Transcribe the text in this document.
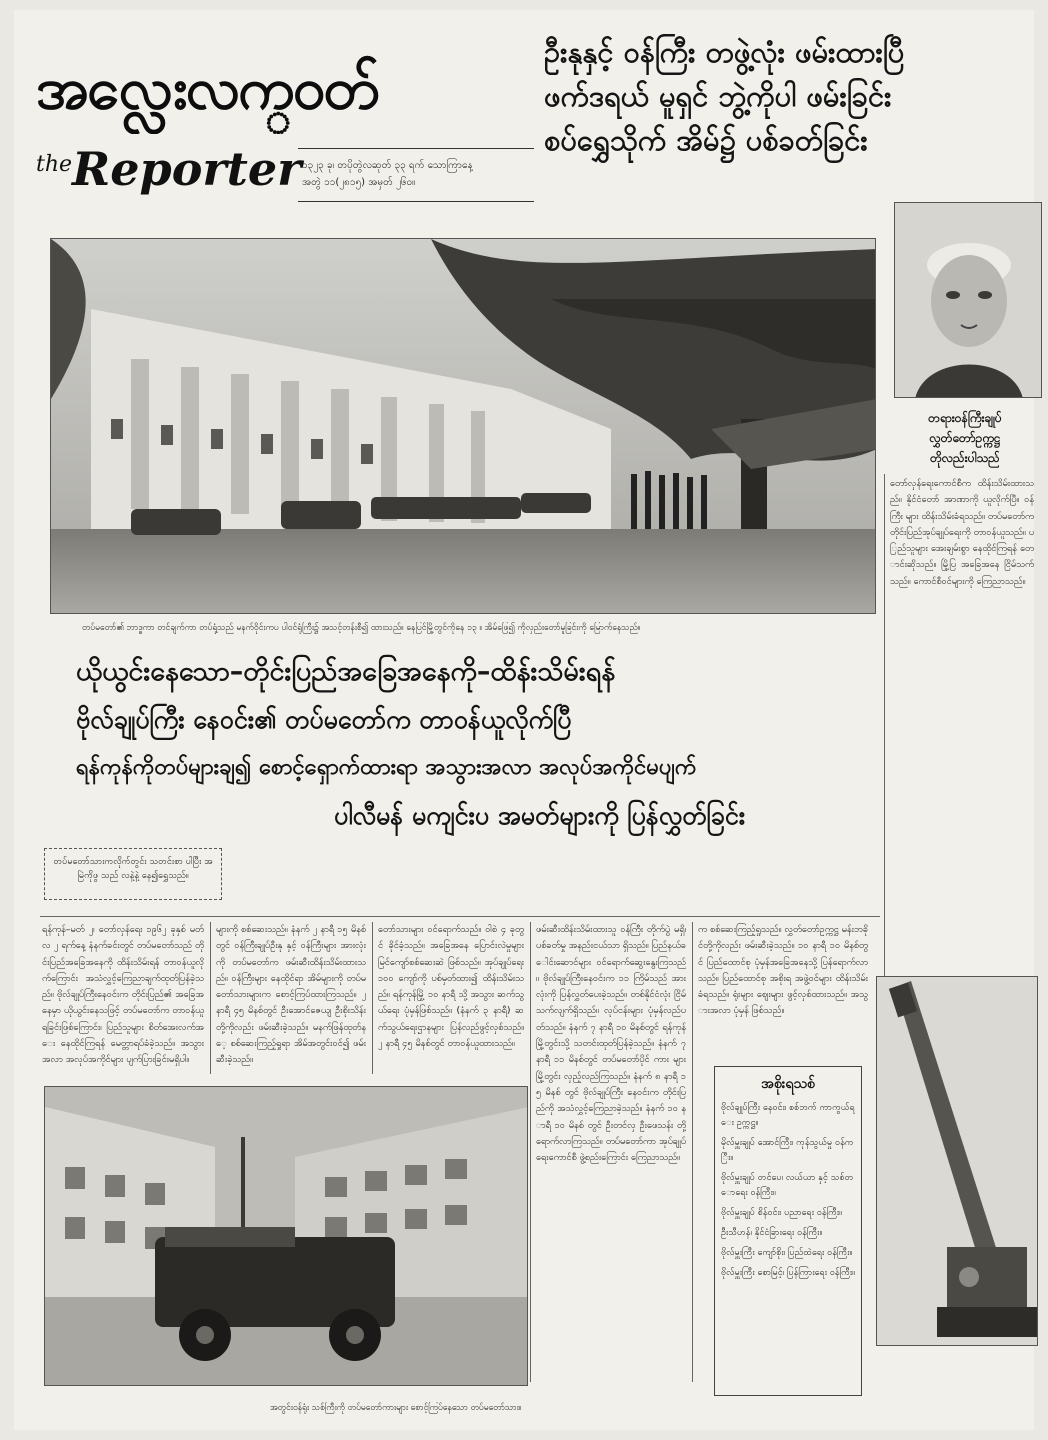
အလ္လေးလက္ဝတ်
theReporter ၁၃၂၃ ခု၊ တပိုတွဲလဆုတ် ၃၃ ရက် သောကြာနေ့
အတွဲ ၁၁(၂၈၁၅) အမှတ် ၂၆၀။
ဦးနုနှင့် ဝန်ကြီး တဖွဲ့လုံး ဖမ်းထားပြီ
ဖက်ဒရယ် မူရှင် ဘွဲ့ကိုပါ ဖမ်းခြင်း
စပ်ရွှေသိုက် အိမ်၌ ပစ်ခတ်ခြင်း
တပ်မတော်၏ ဘာဒ္ဓကာ တင်ချက်ကာ တပ်ရုံ့သည် မနက်ဝိုင်းကပ ပါဝင်ရုံကြီး၌ အသင့်တန်းစီ၍ ထားသည်။ နေပြင်မြို့တွင်ကိုနေ ၁၃ ။ အိမ်ဖြေ၍ ကိုလှည်းတော်မူခြင်းကို မြောက်နေသည်။
တရားဝန်ကြီးချုပ်
လွှတ်တော်ဥက္ကဋ္ဌ
တိုလည်းပါသည်
တော်လှန်ရေးကောင်စီက ထိန်းသိမ်းထားသည်။ နိုင်ငံတော် အာဏာကို ယူလိုက်ပြီ။ ဝန်ကြီး များ ထိန်းသိမ်းခံရသည်။ တပ်မတော်က တိုင်းပြည်အုပ်ချုပ်ရေးကို တာဝန်ယူသည်။ ပြည်သူများ အေးချမ်းစွာ နေထိုင်ကြရန် တောင်းဆိုသည်။ မြို့ပြ အခြေအနေ ငြိမ်သက်သည်။ ကောင်စီဝင်များကို ကြေညာသည်။
ယိုယွင်းနေသော–တိုင်းပြည်အခြေအနေကို–ထိန်းသိမ်းရန်
ဗိုလ်ချုပ်ကြီး နေဝင်း၏ တပ်မတော်က တာဝန်ယူလိုက်ပြီ
ရန်ကုန်ကိုတပ်များချ၍ စောင့်ရှောက်ထားရာ အသွားအလာ အလုပ်အကိုင်မပျက်
ပါလီမန် မကျင်းပ အမတ်များကို ပြန်လွှတ်ခြင်း
တပ်မတော်သားကလိုက်တွင်း သတင်းစာ ပါပြီး အမြဲကိုဖွ သည် လနဲ့နဲ့ နေ၍ရွှေသည်။
ရန်ကုန်–မတ် ၂၊ တော်လှန်ရေး ၁၉၆၂ ခုနှစ် မတ်လ ၂ ရက်နေ့ နံနက်ခင်းတွင် တပ်မတော်သည် တိုင်းပြည်အခြေအနေကို ထိန်းသိမ်းရန် တာဝန်ယူလိုက်ကြောင်း အသံလွှင့်ကြေညာချက်ထုတ်ပြန်ခဲ့သည်။ ဗိုလ်ချုပ်ကြီးနေဝင်းက တိုင်းပြည်၏ အခြေအနေမှာ ယိုယွင်းနေသဖြင့် တပ်မတော်က တာဝန်ယူရခြင်းဖြစ်ကြောင်း၊ ပြည်သူများ စိတ်အေးလက်အေး နေထိုင်ကြရန် မေတ္တာရပ်ခံခဲ့သည်။ အသွားအလာ အလုပ်အကိုင်များ ပျက်ပြားခြင်းမရှိပါ။
များကို စစ်ဆေးသည်။ နံနက် ၂ နာရီ ၁၅ မိနစ်တွင် ဝန်ကြီးချုပ်ဦးနု နှင့် ဝန်ကြီးများ အားလုံးကို တပ်မတော်က ဖမ်းဆီးထိန်းသိမ်းထားသည်။ ဝန်ကြီးများ နေထိုင်ရာ အိမ်များကို တပ်မတော်သားများက စောင့်ကြပ်ထားကြသည်။ ၂ နာရီ ၄၅ မိနစ်တွင် ဦးအောင်ဇေယျ ဦးစိုးသိန်းတို့ကိုလည်း ဖမ်းဆီးခဲ့သည်။ မနက်ဖြန်ထုတ်နေ့ စစ်ဆေးကြည့်ရှုရာ အိမ်အတွင်းဝင်၍ ဖမ်းဆီးခဲ့သည်။
တော်သားများ ဝင်ရောက်သည်။ ဝါစဲ ၄ ခုတွင် ခိုင်ခံ့သည်။ အခြေအနေ ပြောင်းလဲမှုများ မြင်ကျော်စစ်ဆေးဆဲ ဖြစ်သည်။ အုပ်ချုပ်ရေး ၁၀၀ ကျော်ကို ပစ်မှတ်ထား၍ ထိန်းသိမ်းသည်။ ရန်ကုန်မြို့ ၁၀ နာရီ သို့ အသွား ဆက်သွယ်ရေး ပုံမှန်ဖြစ်သည်။ (နံနက် ၃ နာရီ) ဆက်သွယ်ရေးဌာနများ ပြန်လည်ဖွင့်လှစ်သည်။ ၂ နာရီ ၄၅ မိနစ်တွင် တာဝန်ယူထားသည်။
ဖမ်းဆီးထိန်းသိမ်းထားသူ ဝန်ကြီး တိုက်ပွဲ မရှိ၊ ပစ်ခတ်မှု အနည်းငယ်သာ ရှိသည်။ ပြည်နယ်ခေါင်းဆောင်များ ဝင်ရောက်ဆွေးနွေးကြသည်။ ဗိုလ်ချုပ်ကြီးနေဝင်းက ၁၁ ကြိမ်သည် အားလုံးကို ပြန်လွှတ်ပေးခဲ့သည်။ တစ်နိုင်ငံလုံး ငြိမ်သက်လျက်ရှိသည်။ လုပ်ငန်းများ ပုံမှန်လည်ပတ်သည်။ နံနက် ၇ နာရီ ၁၀ မိနစ်တွင် ရန်ကုန်မြို့တွင်းသို့ သတင်းထုတ်ပြန်ခဲ့သည်။ နံနက် ၇ နာရီ ၁၁ မိနစ်တွင် တပ်မတော်ပိုင် ကား များ မြို့တွင်း လှည့်လည်ကြသည်။ နံနက် ၈ နာရီ ၁၅ မိနစ် တွင် ဗိုလ်ချုပ်ကြီး နေဝင်းက တိုင်းပြည်ကို အသံလွှင့်ကြေညာခဲ့သည်။ နံနက် ၁၀ နာရီ ၁၀ မိနစ် တွင် ဦးတင်လှ ဦးဖေသန်း တို့ ရောက်လာကြသည်။ တပ်မတော်ကာ အုပ်ချုပ်ရေးကောင်စီ ဖွဲ့စည်းကြောင်း ကြေညာသည်။
က စစ်ဆေးကြည့်ရှုသည်။ လွှတ်တော်ဥက္ကဋ္ဌ မန်းဘခိုင်တို့ကိုလည်း ဖမ်းဆီးခဲ့သည်။ ၁၀ နာရီ ၁၀ မိနစ်တွင် ပြည်ထောင်စု ပုံမှန်အခြေအနေသို့ ပြန်ရောက်လာသည်။ ပြည်ထောင်စု အစိုးရ အဖွဲ့ဝင်များ ထိန်းသိမ်းခံရသည်။ ရုံးများ ဈေးများ ဖွင့်လှစ်ထားသည်။ အသွားအလာ ပုံမှန် ဖြစ်သည်။
အတွင်းဝန်ရုံး သစ်ကြီးကို တပ်မတော်ကားများ စောင့်ကြပ်နေသော တပ်မတော်သား။
အစိုးရသစ်
ဗိုလ်ချုပ်ကြီး နေဝင်း၊ စစ်ဘက် ကာကွယ်ရေး ဥက္ကဋ္ဌ။
မိုလ်မှူးချုပ် အောင်ကြီး၊ ကုန်သွယ်မှု ဝန်ကြီး။
ဗိုလ်မှူးချုပ် တင်ပေ၊ လယ်ယာ နှင့် သစ်တောရေး ဝန်ကြီး။
ဗိုလ်မှူးချုပ် စိန်ဝင်း၊ ပညာရေး ဝန်ကြီး။
ဦးသီဟန်၊ နိုင်ငံခြားရေး ဝန်ကြီး။
ဗိုလ်မှူးကြီး ကျော်စိုး၊ ပြည်ထဲရေး ဝန်ကြီး။
ဗိုလ်မှူးကြီး စောမြင့်၊ ပြန်ကြားရေး ဝန်ကြီး။
